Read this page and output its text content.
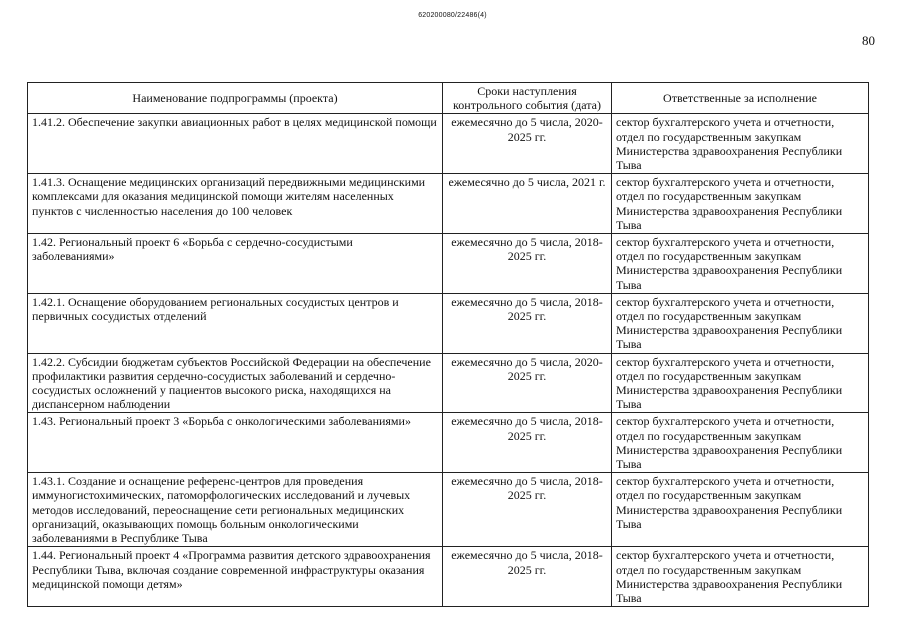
620200080/22486(4)
80
Наименование подпрограммы (проекта)	Сроки наступления контрольного события (дата)	Ответственные за исполнение
1.41.2. Обеспечение закупки авиационных работ в целях медицинской помощи	ежемесячно до 5 числа, 2020-2025 гг.	сектор бухгалтерского учета и отчетности, отдел по государственным закупкам Министерства здравоохранения Республики Тыва
1.41.3. Оснащение медицинских организаций передвижными медицинскими комплексами для оказания медицинской помощи жителям населенных пунктов с численностью населения до 100 человек	ежемесячно до 5 числа, 2021 г.	сектор бухгалтерского учета и отчетности, отдел по государственным закупкам Министерства здравоохранения Республики Тыва
1.42. Региональный проект 6 «Борьба с сердечно-сосудистыми заболеваниями»	ежемесячно до 5 числа, 2018-2025 гг.	сектор бухгалтерского учета и отчетности, отдел по государственным закупкам Министерства здравоохранения Республики Тыва
1.42.1. Оснащение оборудованием региональных сосудистых центров и первичных сосудистых отделений	ежемесячно до 5 числа, 2018-2025 гг.	сектор бухгалтерского учета и отчетности, отдел по государственным закупкам Министерства здравоохранения Республики Тыва
1.42.2. Субсидии бюджетам субъектов Российской Федерации на обеспечение профилактики развития сердечно-сосудистых заболеваний и сердечно-сосудистых осложнений у пациентов высокого риска, находящихся на диспансерном наблюдении	ежемесячно до 5 числа, 2020-2025 гг.	сектор бухгалтерского учета и отчетности, отдел по государственным закупкам Министерства здравоохранения Республики Тыва
1.43. Региональный проект 3 «Борьба с онкологическими заболеваниями»	ежемесячно до 5 числа, 2018-2025 гг.	сектор бухгалтерского учета и отчетности, отдел по государственным закупкам Министерства здравоохранения Республики Тыва
1.43.1. Создание и оснащение референс-центров для проведения иммуногистохимических, патоморфологических исследований и лучевых методов исследований, переоснащение сети региональных медицинских организаций, оказывающих помощь больным онкологическими заболеваниями в Республике Тыва	ежемесячно до 5 числа, 2018-2025 гг.	сектор бухгалтерского учета и отчетности, отдел по государственным закупкам Министерства здравоохранения Республики Тыва
1.44. Региональный проект 4 «Программа развития детского здравоохранения Республики Тыва, включая создание современной инфраструктуры оказания медицинской помощи детям»	ежемесячно до 5 числа, 2018-2025 гг.	сектор бухгалтерского учета и отчетности, отдел по государственным закупкам Министерства здравоохранения Республики Тыва
